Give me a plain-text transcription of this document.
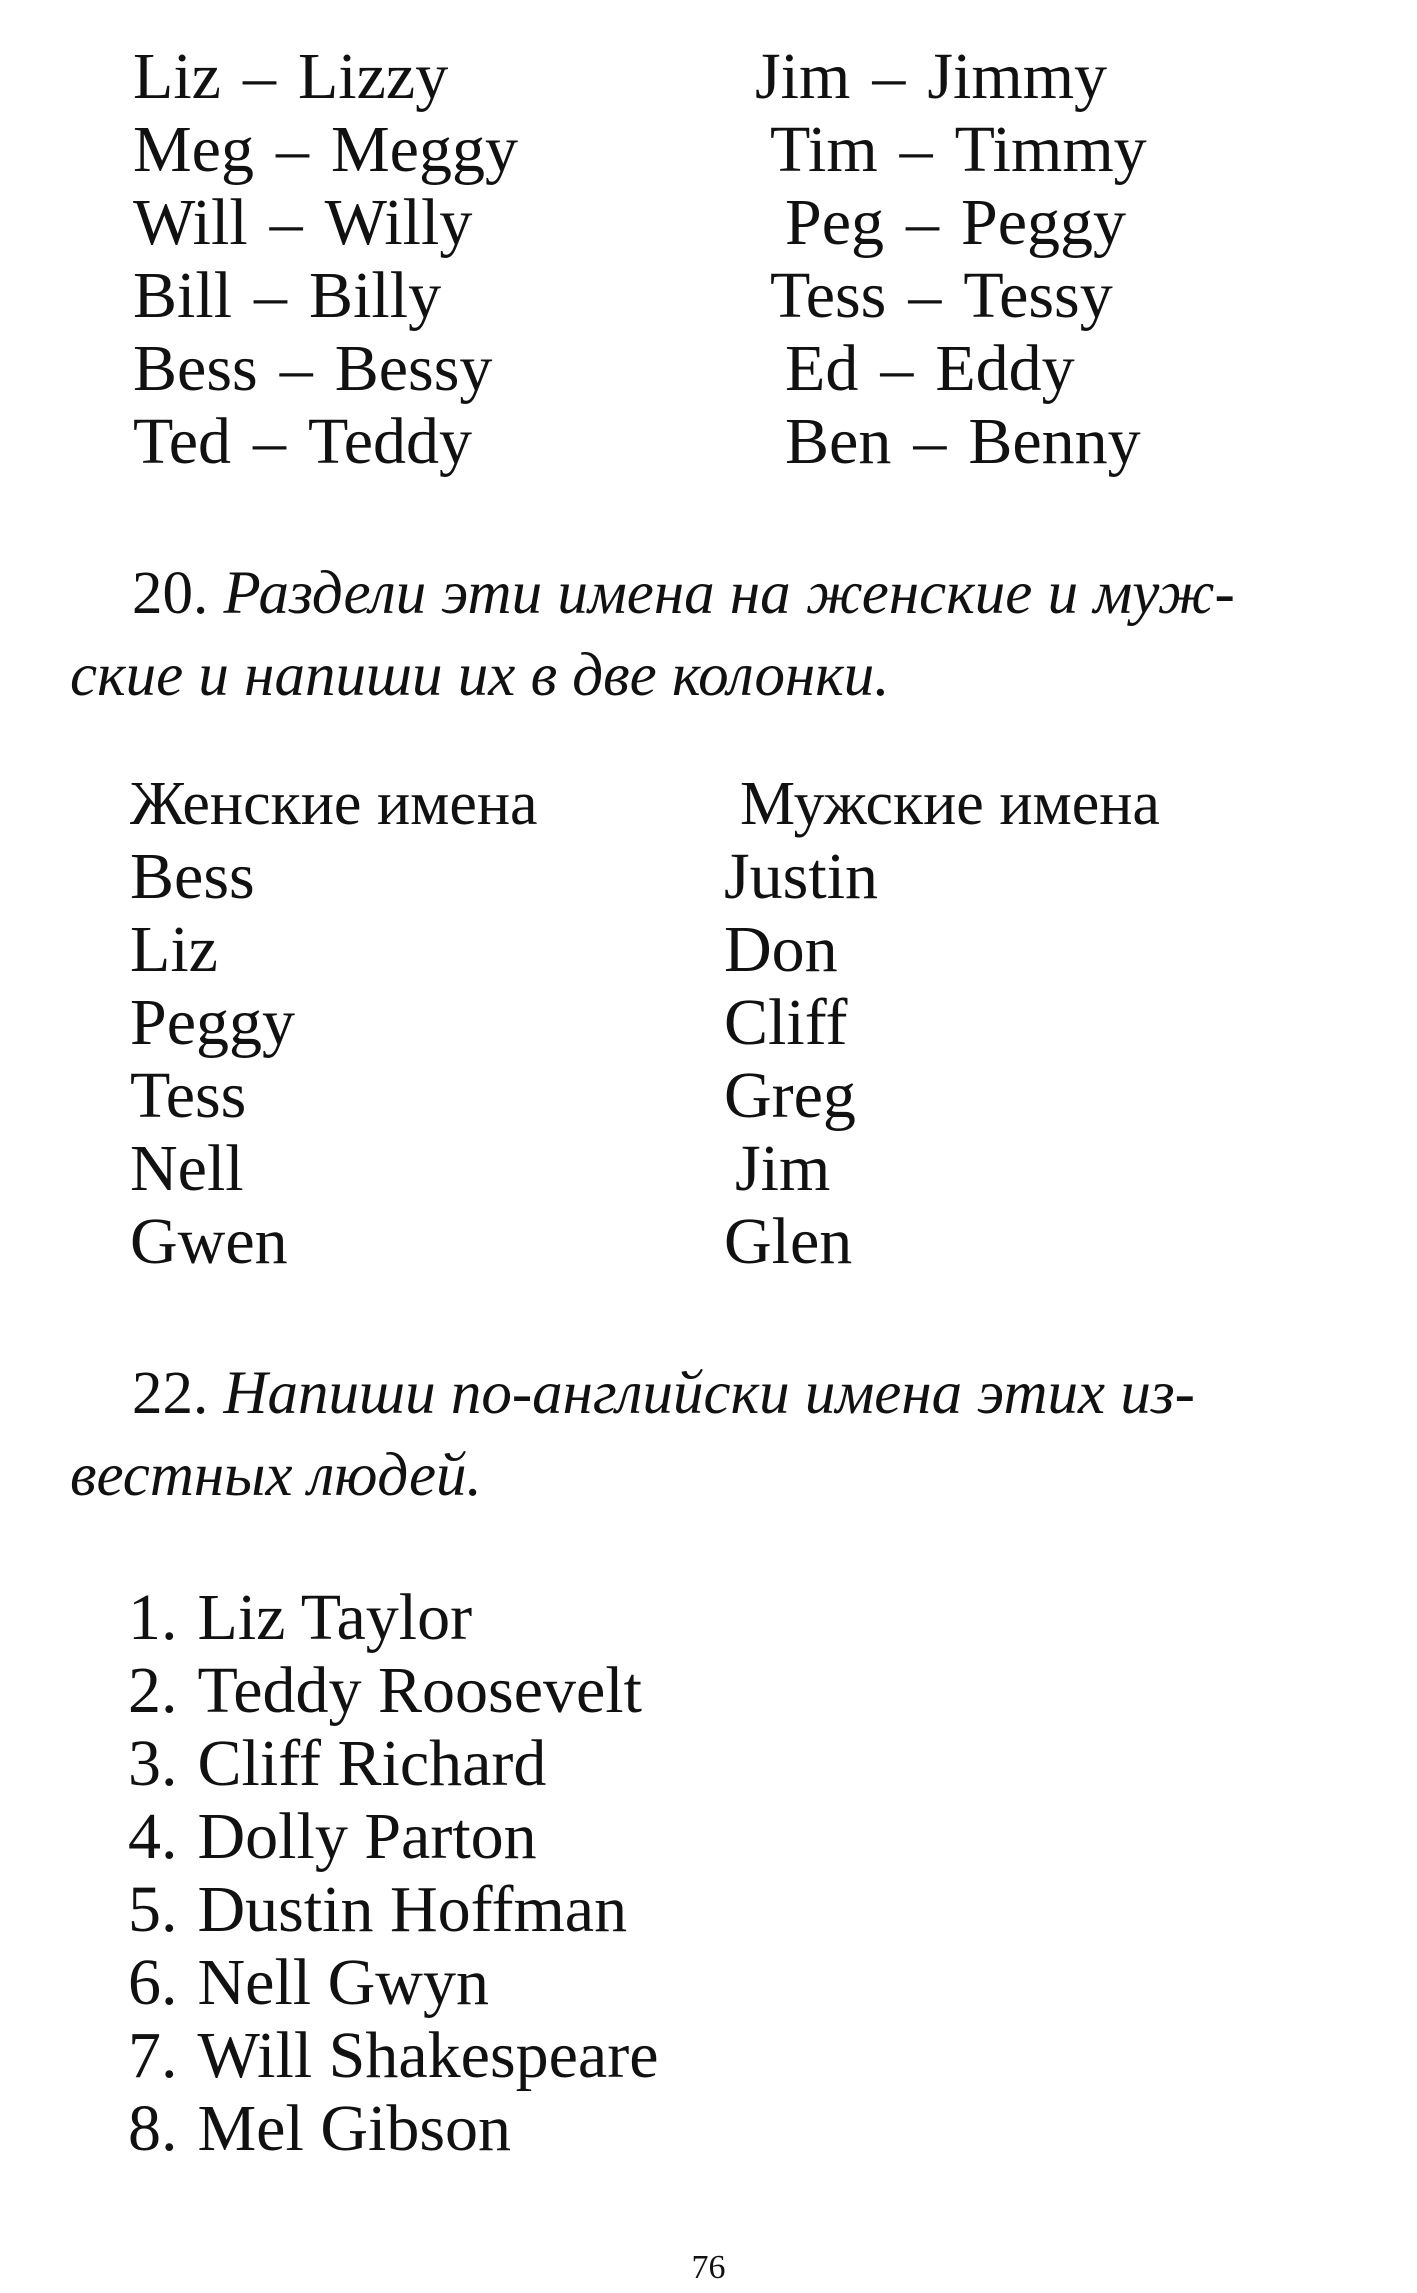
Liz – Lizzy
Meg – Meggy
Will – Willy
Bill – Billy
Bess – Bessy
Ted – Teddy
Jim – Jimmy
Tim – Timmy
Peg – Peggy
Tess – Tessy
Ed – Eddy
Ben – Benny
20. Раздели эти имена на женские и муж-
ские и напиши их в две колонки.
Женские имена	Мужские имена
Bess
Liz
Peggy
Tess
Nell
Gwen
Justin
Don
Cliff
Greg
Jim
Glen
22. Напиши по-английски имена этих из-
вестных людей.
1. Liz Taylor
2. Teddy Roosevelt
3. Cliff Richard
4. Dolly Parton
5. Dustin Hoffman
6. Nell Gwyn
7. Will Shakespeare
8. Mel Gibson
76
